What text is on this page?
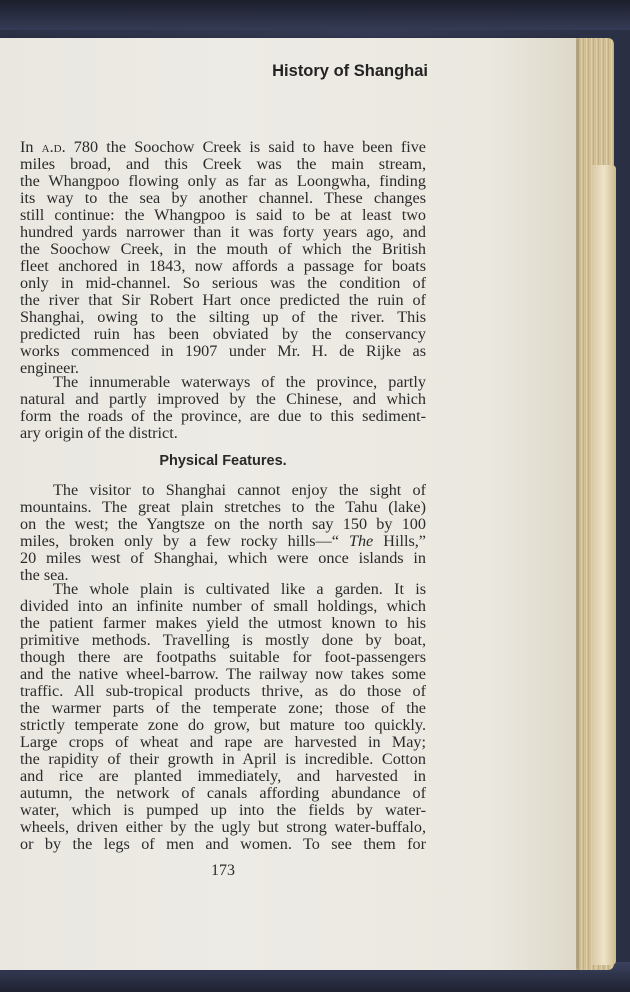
History of Shanghai
In a.d. 780 the Soochow Creek is said to have been five
miles broad, and this Creek was the main stream,
the Whangpoo flowing only as far as Loongwha, finding
its way to the sea by another channel. These changes
still continue: the Whangpoo is said to be at least two
hundred yards narrower than it was forty years ago, and
the Soochow Creek, in the mouth of which the British
fleet anchored in 1843, now affords a passage for boats
only in mid-channel. So serious was the condition of
the river that Sir Robert Hart once predicted the ruin of
Shanghai, owing to the silting up of the river. This
predicted ruin has been obviated by the conservancy
works commenced in 1907 under Mr. H. de Rijke as
engineer.
The innumerable waterways of the province, partly
natural and partly improved by the Chinese, and which
form the roads of the province, are due to this sediment-
ary origin of the district.
Physical Features.
The visitor to Shanghai cannot enjoy the sight of
mountains. The great plain stretches to the Tahu (lake)
on the west; the Yangtsze on the north say 150 by 100
miles, broken only by a few rocky hills—“ The Hills,”
20 miles west of Shanghai, which were once islands in
the sea.
The whole plain is cultivated like a garden. It is
divided into an infinite number of small holdings, which
the patient farmer makes yield the utmost known to his
primitive methods. Travelling is mostly done by boat,
though there are footpaths suitable for foot-passengers
and the native wheel-barrow. The railway now takes some
traffic. All sub-tropical products thrive, as do those of
the warmer parts of the temperate zone; those of the
strictly temperate zone do grow, but mature too quickly.
Large crops of wheat and rape are harvested in May;
the rapidity of their growth in April is incredible. Cotton
and rice are planted immediately, and harvested in
autumn, the network of canals affording abundance of
water, which is pumped up into the fields by water-
wheels, driven either by the ugly but strong water-buffalo,
or by the legs of men and women. To see them for
173
